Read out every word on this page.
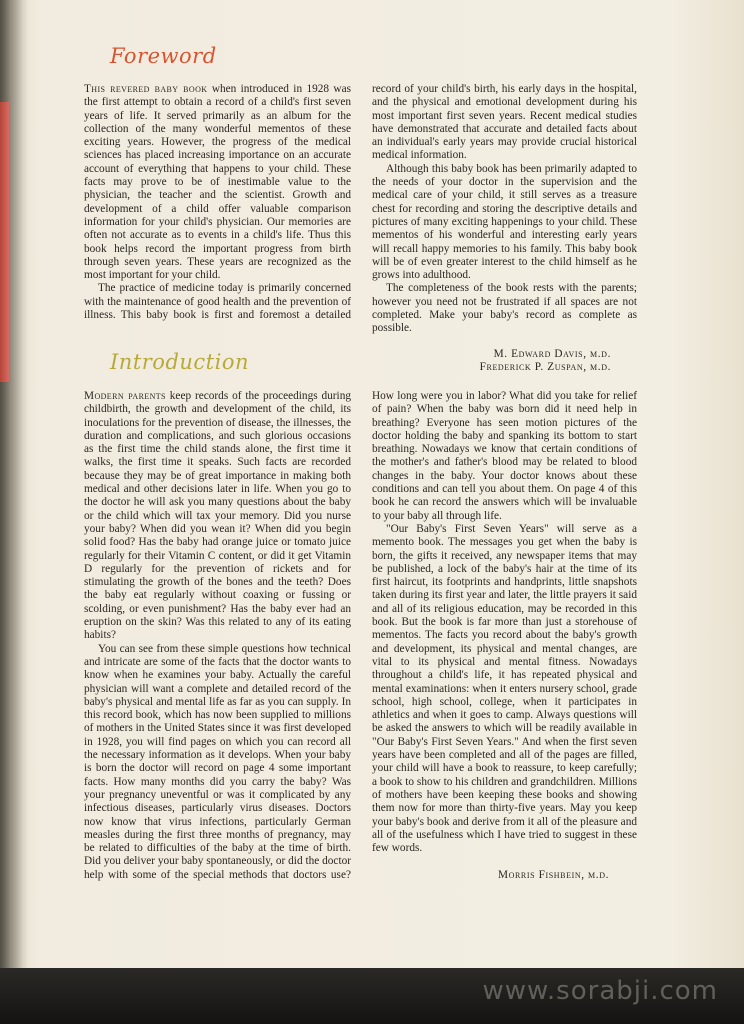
Foreword

This revered baby book when introduced in 1928 was the first attempt to obtain a record of a child's first seven years of life. It served primarily as an album for the collection of the many wonderful mementos of these exciting years. However, the progress of the medical sciences has placed increasing importance on an accurate account of everything that happens to your child. These facts may prove to be of inestimable value to the physician, the teacher and the scientist. Growth and development of a child offer valuable comparison information for your child's physician. Our memories are often not accurate as to events in a child's life. Thus this book helps record the important progress from birth through seven years. These years are recognized as the most important for your child.

The practice of medicine today is primarily concerned with the maintenance of good health and the prevention of illness. This baby book is first and foremost a detailed

record of your child's birth, his early days in the hospital, and the physical and emotional development during his most important first seven years. Recent medical studies have demonstrated that accurate and detailed facts about an individual's early years may provide crucial historical medical information.

Although this baby book has been primarily adapted to the needs of your doctor in the supervision and the medical care of your child, it still serves as a treasure chest for recording and storing the descriptive details and pictures of many exciting happenings to your child. These mementos of his wonderful and interesting early years will recall happy memories to his family. This baby book will be of even greater interest to the child himself as he grows into adulthood.

The completeness of the book rests with the parents; however you need not be frustrated if all spaces are not completed. Make your baby's record as complete as possible.

M. Edward Davis, m.d.

Frederick P. Zuspan, m.d.

Introduction

Modern parents keep records of the proceedings during childbirth, the growth and development of the child, its inoculations for the prevention of disease, the illnesses, the duration and complications, and such glorious occasions as the first time the child stands alone, the first time it walks, the first time it speaks. Such facts are recorded because they may be of great importance in making both medical and other decisions later in life. When you go to the doctor he will ask you many questions about the baby or the child which will tax your memory. Did you nurse your baby? When did you wean it? When did you begin solid food? Has the baby had orange juice or tomato juice regularly for their Vitamin C content, or did it get Vitamin D regularly for the prevention of rickets and for stimulating the growth of the bones and the teeth? Does the baby eat regularly without coaxing or fussing or scolding, or even punishment? Has the baby ever had an eruption on the skin? Was this related to any of its eating habits?

You can see from these simple questions how technical and intricate are some of the facts that the doctor wants to know when he examines your baby. Actually the careful physician will want a complete and detailed record of the baby's physical and mental life as far as you can supply. In this record book, which has now been supplied to millions of mothers in the United States since it was first developed in 1928, you will find pages on which you can record all the necessary information as it develops. When your baby is born the doctor will record on page 4 some important facts. How many months did you carry the baby? Was your pregnancy uneventful or was it complicated by any infectious diseases, particularly virus diseases. Doctors now know that virus infections, particularly German measles during the first three months of pregnancy, may be related to difficulties of the baby at the time of birth. Did you deliver your baby spontaneously, or did the doctor help with some of the special methods that doctors use?

How long were you in labor? What did you take for relief of pain? When the baby was born did it need help in breathing? Everyone has seen motion pictures of the doctor holding the baby and spanking its bottom to start breathing. Nowadays we know that certain conditions of the mother's and father's blood may be related to blood changes in the baby. Your doctor knows about these conditions and can tell you about them. On page 4 of this book he can record the answers which will be invaluable to your baby all through life.

"Our Baby's First Seven Years" will serve as a memento book. The messages you get when the baby is born, the gifts it received, any newspaper items that may be published, a lock of the baby's hair at the time of its first haircut, its footprints and handprints, little snapshots taken during its first year and later, the little prayers it said and all of its religious education, may be recorded in this book. But the book is far more than just a storehouse of mementos. The facts you record about the baby's growth and development, its physical and mental changes, are vital to its physical and mental fitness. Nowadays throughout a child's life, it has repeated physical and mental examinations: when it enters nursery school, grade school, high school, college, when it participates in athletics and when it goes to camp. Always questions will be asked the answers to which will be readily available in "Our Baby's First Seven Years." And when the first seven years have been completed and all of the pages are filled, your child will have a book to reassure, to keep carefully; a book to show to his children and grandchildren. Millions of mothers have been keeping these books and showing them now for more than thirty-five years. May you keep your baby's book and derive from it all of the pleasure and all of the usefulness which I have tried to suggest in these few words.

Morris Fishbein, m.d.

www.sorabji.com
